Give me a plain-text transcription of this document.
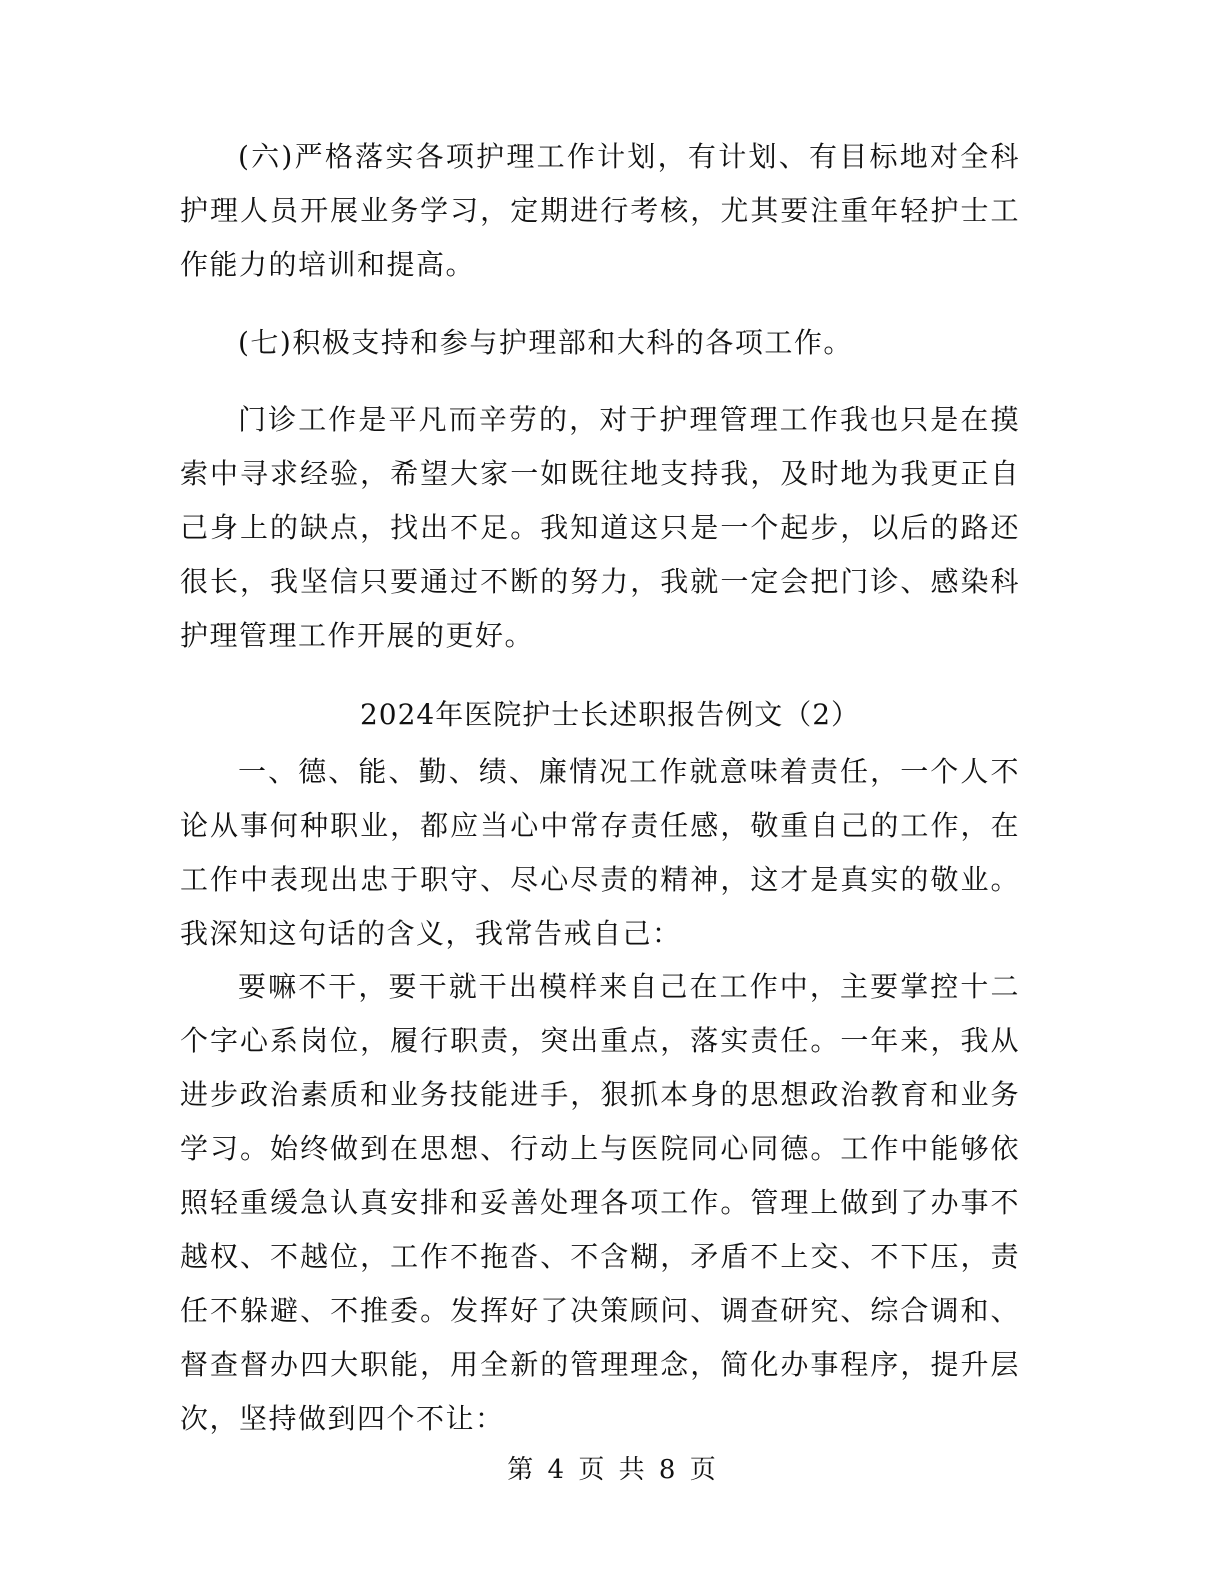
(六)严格落实各项护理工作计划，有计划、有目标地对全科护理人员开展业务学习，定期进行考核，尤其要注重年轻护士工作能力的培训和提高。

(七)积极支持和参与护理部和大科的各项工作。

门诊工作是平凡而辛劳的，对于护理管理工作我也只是在摸索中寻求经验，希望大家一如既往地支持我，及时地为我更正自己身上的缺点，找出不足。我知道这只是一个起步，以后的路还很长，我坚信只要通过不断的努力，我就一定会把门诊、感染科护理管理工作开展的更好。

2024年医院护士长述职报告例文（2）

一、德、能、勤、绩、廉情况工作就意味着责任，一个人不论从事何种职业，都应当心中常存责任感，敬重自己的工作，在工作中表现出忠于职守、尽心尽责的精神，这才是真实的敬业。我深知这句话的含义，我常告戒自己：

要嘛不干，要干就干出模样来自己在工作中，主要掌控十二个字心系岗位，履行职责，突出重点，落实责任。一年来，我从进步政治素质和业务技能进手，狠抓本身的思想政治教育和业务学习。始终做到在思想、行动上与医院同心同德。工作中能够依照轻重缓急认真安排和妥善处理各项工作。管理上做到了办事不越权、不越位，工作不拖沓、不含糊，矛盾不上交、不下压，责任不躲避、不推委。发挥好了决策顾问、调查研究、综合调和、督查督办四大职能，用全新的管理理念，简化办事程序，提升层次，坚持做到四个不让：

第 4 页 共 8 页
